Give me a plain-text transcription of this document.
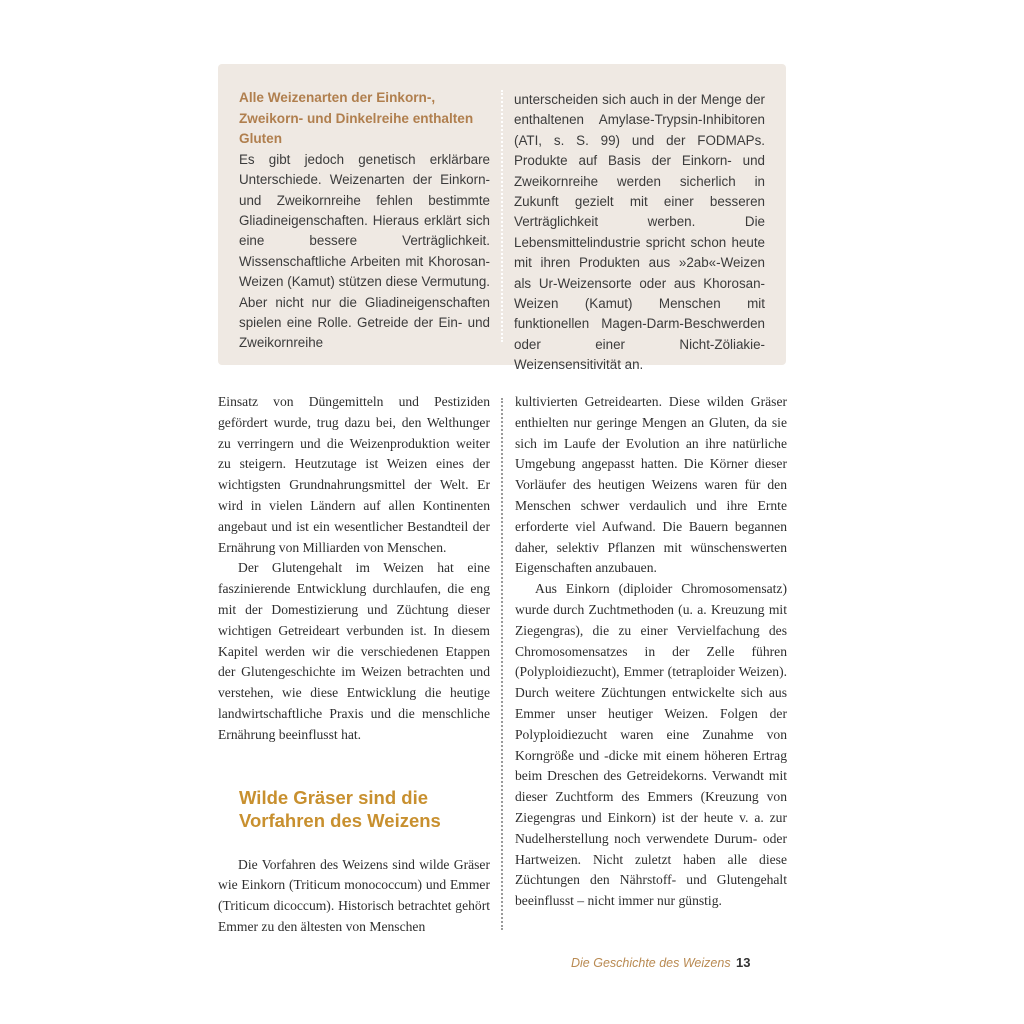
Alle Weizenarten der Einkorn-, Zweikorn- und Dinkelreihe enthalten Gluten

Es gibt jedoch genetisch erklärbare Unterschiede. Weizenarten der Einkorn- und Zweikornreihe fehlen bestimmte Gliadineigenschaften. Hieraus erklärt sich eine bessere Verträglichkeit. Wissenschaftliche Arbeiten mit Khorosan-Weizen (Kamut) stützen diese Vermutung. Aber nicht nur die Gliadineigenschaften spielen eine Rolle. Getreide der Ein- und Zweikornreihe

unterscheiden sich auch in der Menge der enthaltenen Amylase-Trypsin-Inhibitoren (ATI, s. S. 99) und der FODMAPs. Produkte auf Basis der Einkorn- und Zweikornreihe werden sicherlich in Zukunft gezielt mit einer besseren Verträglichkeit werben. Die Lebensmittelindustrie spricht schon heute mit ihren Produkten aus »2ab«-Weizen als Ur-Weizensorte oder aus Khorosan-Weizen (Kamut) Menschen mit funktionellen Magen-Darm-Beschwerden oder einer Nicht-Zöliakie-Weizensensitivität an.

Einsatz von Düngemitteln und Pestiziden gefördert wurde, trug dazu bei, den Welthunger zu verringern und die Weizenproduktion weiter zu steigern. Heutzutage ist Weizen eines der wichtigsten Grundnahrungsmittel der Welt. Er wird in vielen Ländern auf allen Kontinenten angebaut und ist ein wesentlicher Bestandteil der Ernährung von Milliarden von Menschen.

Der Glutengehalt im Weizen hat eine faszinierende Entwicklung durchlaufen, die eng mit der Domestizierung und Züchtung dieser wichtigen Getreideart verbunden ist. In diesem Kapitel werden wir die verschiedenen Etappen der Glutengeschichte im Weizen betrachten und verstehen, wie diese Entwicklung die heutige landwirtschaftliche Praxis und die menschliche Ernährung beeinflusst hat.

Wilde Gräser sind die Vorfahren des Weizens

Die Vorfahren des Weizens sind wilde Gräser wie Einkorn (Triticum monococcum) und Emmer (Triticum dicoccum). Historisch betrachtet gehört Emmer zu den ältesten von Menschen

kultivierten Getreidearten. Diese wilden Gräser enthielten nur geringe Mengen an Gluten, da sie sich im Laufe der Evolution an ihre natürliche Umgebung angepasst hatten. Die Körner dieser Vorläufer des heutigen Weizens waren für den Menschen schwer verdaulich und ihre Ernte erforderte viel Aufwand. Die Bauern begannen daher, selektiv Pflanzen mit wünschenswerten Eigenschaften anzubauen.

Aus Einkorn (diploider Chromosomensatz) wurde durch Zuchtmethoden (u. a. Kreuzung mit Ziegengras), die zu einer Vervielfachung des Chromosomensatzes in der Zelle führen (Polyploidiezucht), Emmer (tetraploider Weizen). Durch weitere Züchtungen entwickelte sich aus Emmer unser heutiger Weizen. Folgen der Polyploidiezucht waren eine Zunahme von Korngröße und -dicke mit einem höheren Ertrag beim Dreschen des Getreidekorns. Verwandt mit dieser Zuchtform des Emmers (Kreuzung von Ziegengras und Einkorn) ist der heute v. a. zur Nudelherstellung noch verwendete Durum- oder Hartweizen. Nicht zuletzt haben alle diese Züchtungen den Nährstoff- und Glutengehalt beeinflusst – nicht immer nur günstig.

Die Geschichte des Weizens 13
